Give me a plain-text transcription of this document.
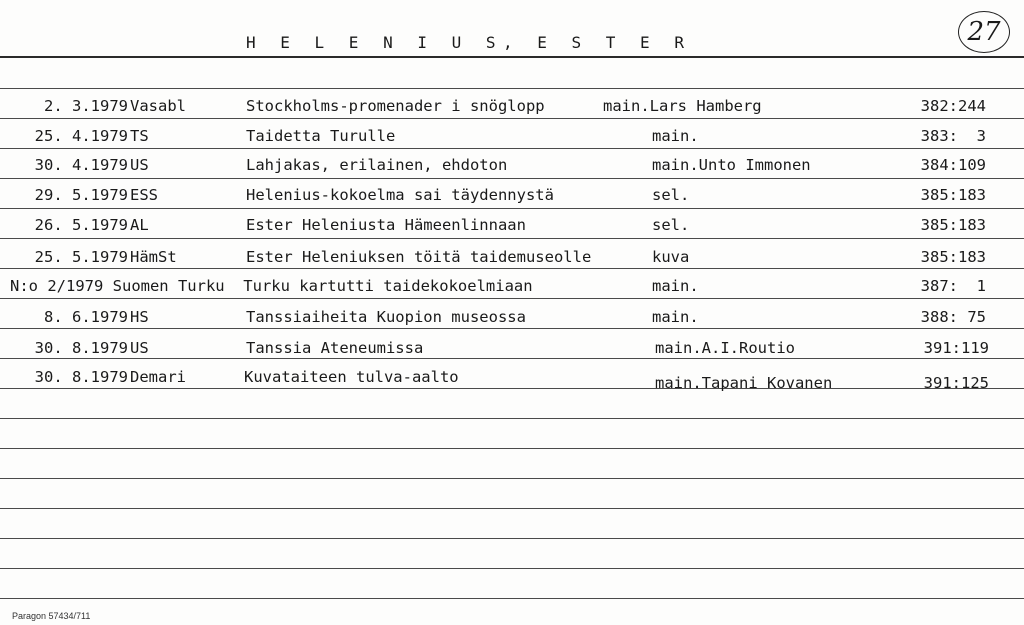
H E L E N I U S, E S T E R	27
2. 3.1979 Vasabl	Stockholms-promenader i snöglopp	main.Lars Hamberg	382:244
25. 4.1979 TS	Taidetta Turulle	main.	383:  3
30. 4.1979 US	Lahjakas, erilainen, ehdoton	main.Unto Immonen	384:109
29. 5.1979 ESS	Helenius-kokoelma sai täydennystä	sel.	385:183
26. 5.1979 AL	Ester Heleniusta Hämeenlinnaan	sel.	385:183
25. 5.1979 HämSt	Ester Heleniuksen töitä taidemuseolle	kuva	385:183
N:o 2/1979 Suomen Turku  Turku kartutti taidekokoelmiaan	main.	387:  1
8. 6.1979 HS	Tanssiaiheita Kuopion museossa	main.	388: 75
30. 8.1979 US	Tanssia Ateneumissa	main.A.I.Routio	391:119
30. 8.1979 Demari	Kuvataiteen tulva-aalto	main.Tapani Kovanen	391:125
Paragon 57434/711
